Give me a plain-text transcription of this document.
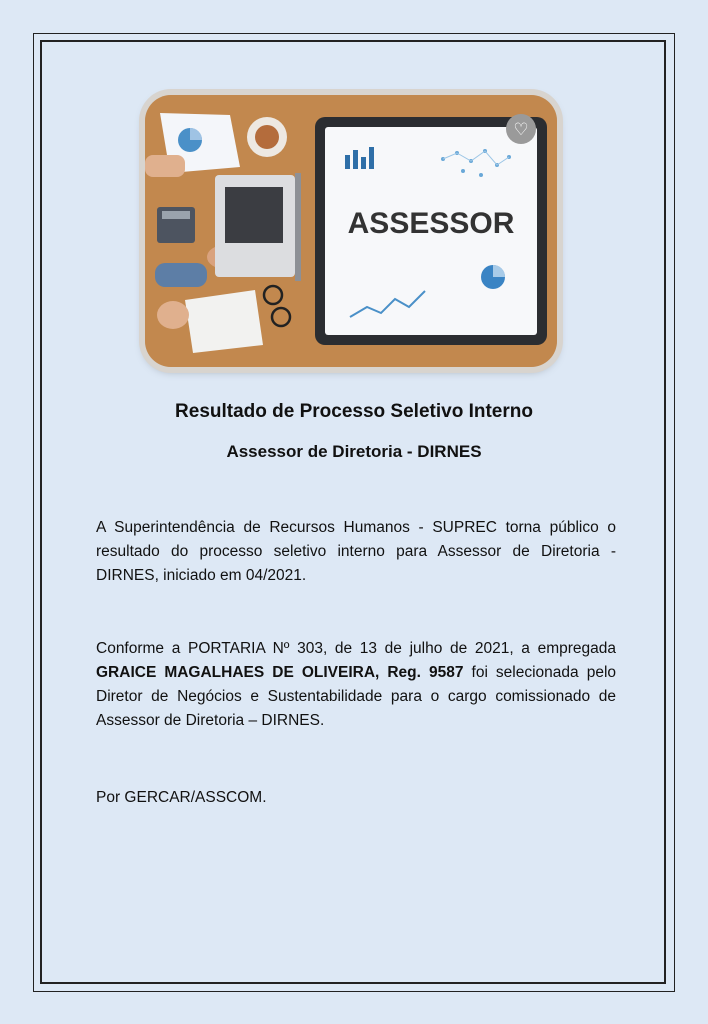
ASSESSOR
♡
Resultado de Processo Seletivo Interno
Assessor de Diretoria - DIRNES

A Superintendência de Recursos Humanos - SUPREC torna público o resultado do processo seletivo interno para Assessor de Diretoria - DIRNES, iniciado em 04/2021.

Conforme a PORTARIA Nº 303, de 13 de julho de 2021, a empregada GRAICE MAGALHAES DE OLIVEIRA, Reg. 9587 foi selecionada pelo Diretor de Negócios e Sustentabilidade para o cargo comissionado de Assessor de Diretoria – DIRNES.

Por GERCAR/ASSCOM.
